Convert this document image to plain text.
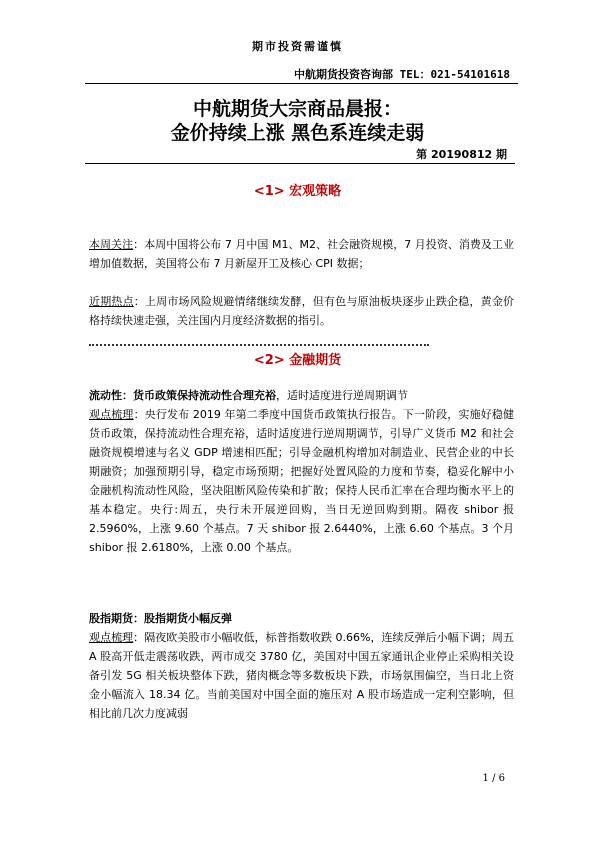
期市投资需谨慎
中航期货投资咨询部 TEL：021-54101618
中航期货大宗商品晨报：
金价持续上涨 黑色系连续走弱
第 20190812 期
<1> 宏观策略
本周关注：本周中国将公布 7 月中国 M1、M2、社会融资规模，7 月投资、消费及工业增加值数据，美国将公布 7 月新屋开工及核心 CPI 数据；
近期热点：上周市场风险规避情绪继续发酵，但有色与原油板块逐步止跌企稳，黄金价格持续快速走强，关注国内月度经济数据的指引。
<2> 金融期货
流动性：货币政策保持流动性合理充裕，适时适度进行逆周期调节
观点梳理：央行发布 2019 年第二季度中国货币政策执行报告。下一阶段，实施好稳健货币政策，保持流动性合理充裕，适时适度进行逆周期调节，引导广义货币 M2 和社会融资规模增速与名义 GDP 增速相匹配；引导金融机构增加对制造业、民营企业的中长期融资；加强预期引导，稳定市场预期；把握好处置风险的力度和节奏，稳妥化解中小金融机构流动性风险，坚决阻断风险传染和扩散；保持人民币汇率在合理均衡水平上的基本稳定。央行:周五，央行未开展逆回购，当日无逆回购到期。隔夜 shibor 报 2.5960%，上涨 9.60 个基点。7 天 shibor 报 2.6440%，上涨 6.60 个基点。3 个月 shibor 报 2.6180%，上涨 0.00 个基点。
股指期货：股指期货小幅反弹
观点梳理：隔夜欧美股市小幅收低，标普指数收跌 0.66%，连续反弹后小幅下调；周五 A 股高开低走震荡收跌，两市成交 3780 亿，美国对中国五家通讯企业停止采购相关设备引发 5G 相关板块整体下跌，猪肉概念等多数板块下跌，市场氛围偏空，当日北上资金小幅流入 18.34 亿。当前美国对中国全面的施压对 A 股市场造成一定利空影响，但相比前几次力度减弱
1 / 6
